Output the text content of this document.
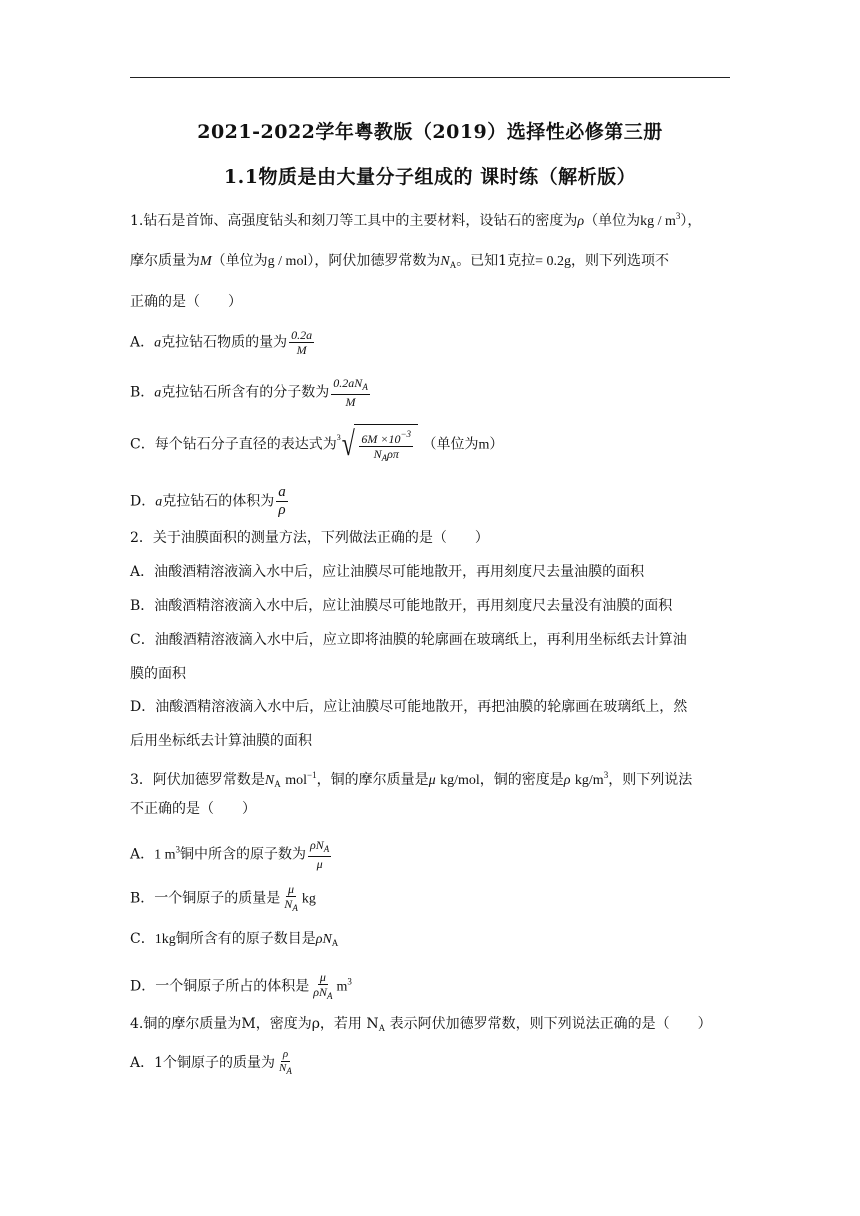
2021-2022学年粤教版（2019）选择性必修第三册
1.1物质是由大量分子组成的 课时练（解析版）
1.钻石是首饰、高强度钻头和刻刀等工具中的主要材料，设钻石的密度为ρ（单位为kg / $m^3$），
摩尔质量为M（单位为g / mol），阿伏加德罗常数为$N_A$。已知1克拉= 0.2g，则下列选项不
正确的是（　　）
A．a克拉钻石物质的量为 $\frac{0.2a}{M}$
B．a克拉钻石所含有的分子数为 $\frac{0.2aN_A}{M}$
C．每个钻石分子直径的表达式为 3 √ $\frac{6M \times 10^{-3}}{N_A\rho\pi}$ （单位为m）
D．a克拉钻石的体积为 $\frac{a}{\rho}$
2．关于油膜面积的测量方法，下列做法正确的是（　　）
A．油酸酒精溶液滴入水中后，应让油膜尽可能地散开，再用刻度尺去量油膜的面积
B．油酸酒精溶液滴入水中后，应让油膜尽可能地散开，再用刻度尺去量没有油膜的面积
C．油酸酒精溶液滴入水中后，应立即将油膜的轮廓画在玻璃纸上，再利用坐标纸去计算油
膜的面积
D．油酸酒精溶液滴入水中后，应让油膜尽可能地散开，再把油膜的轮廓画在玻璃纸上，然
后用坐标纸去计算油膜的面积
3．阿伏加德罗常数是$N_A$ mol$^{-1}$，铜的摩尔质量是μ kg/mol，铜的密度是ρ $kg/m^3$，则下列说法
不正确的是（　　）
A．1 $m^3$铜中所含的原子数为 $\frac{\rho N_A}{\mu}$
B．一个铜原子的质量是 $\frac{\mu}{N_A}$ kg
C．1kg铜所含有的原子数目是$\rho N_A$
D．一个铜原子所占的体积是 $\frac{\mu}{\rho N_A} m^3$
4.铜的摩尔质量为M，密度为ρ，若用 $N_A$ 表示阿伏加德罗常数，则下列说法正确的是（　　）
A．1个铜原子的质量为 $\frac{\rho}{N_A}$
